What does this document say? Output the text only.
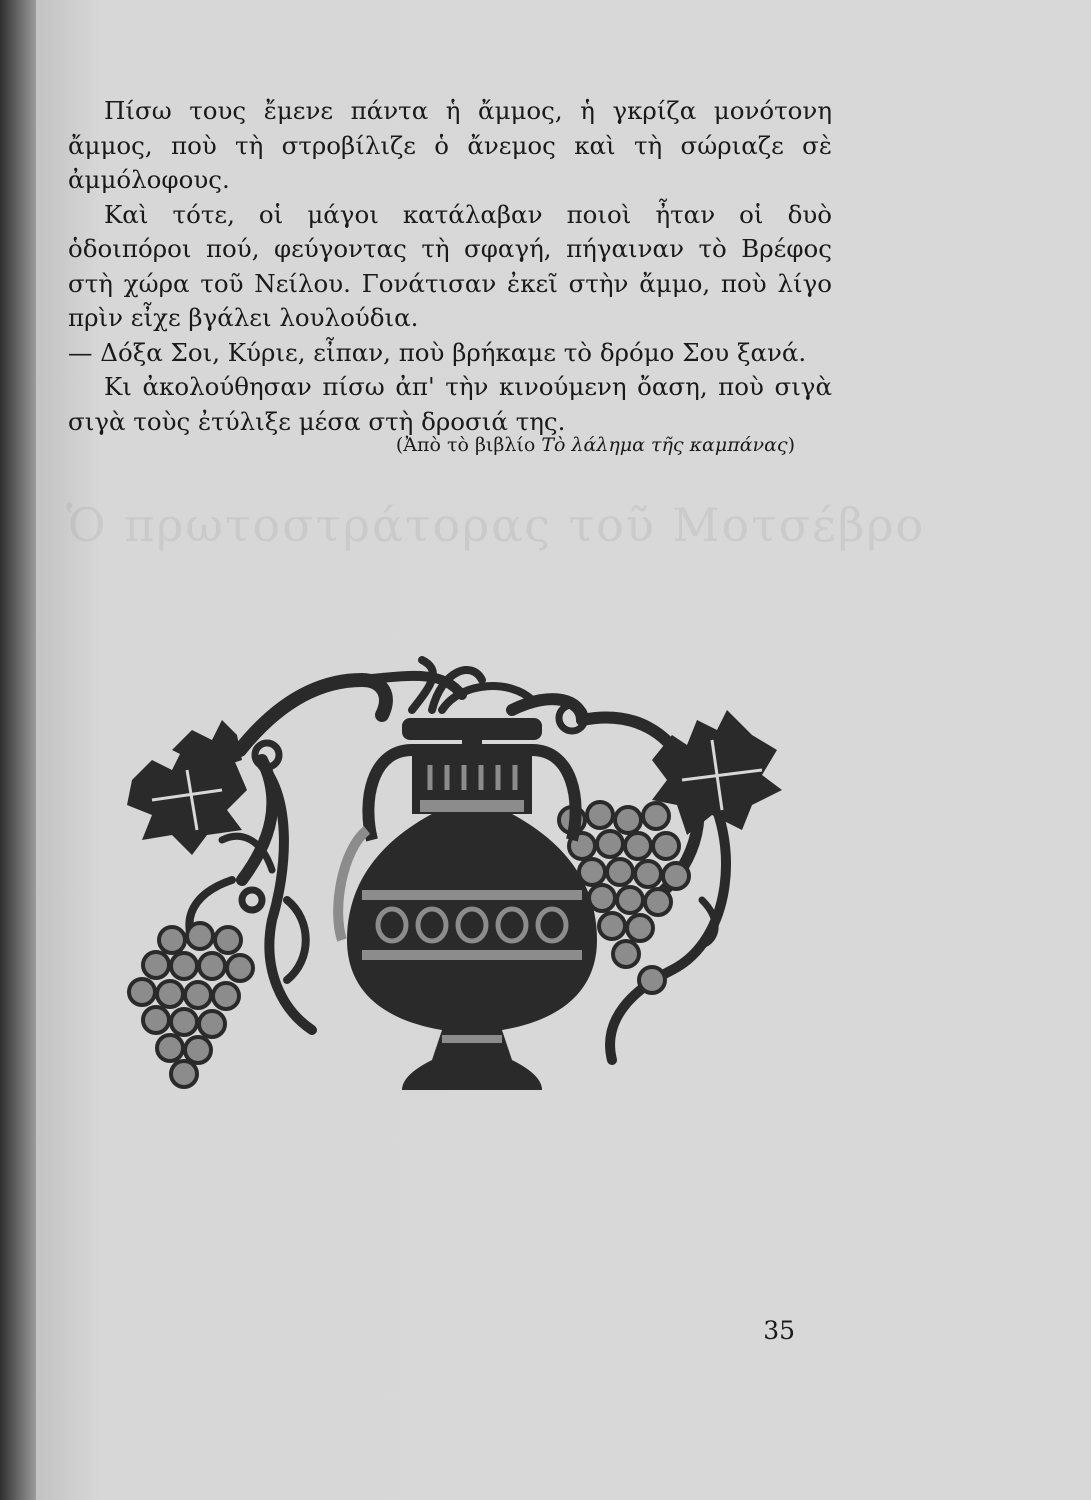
Ὁ πρωτοστράτορας τοῦ Μοτσέβρο

Πίσω τους ἔμενε πάντα ἡ ἄμμος, ἡ γκρίζα μονότονη ἄμμος, ποὺ τὴ στροβίλιζε ὁ ἄνεμος καὶ τὴ σώριαζε σὲ ἀμμόλοφους.

Καὶ τότε, οἱ μάγοι κατάλαβαν ποιοὶ ἦταν οἱ δυὸ ὁδοιπόροι πού, φεύγοντας τὴ σφαγή, πήγαιναν τὸ Βρέφος στὴ χώρα τοῦ Νείλου. Γονάτισαν ἐκεῖ στὴν ἄμμο, ποὺ λίγο πρὶν εἶχε βγάλει λουλούδια.

— Δόξα Σοι, Κύριε, εἶπαν, ποὺ βρήκαμε τὸ δρόμο Σου ξανά.

Κι ἀκολούθησαν πίσω ἀπ' τὴν κινούμενη ὄαση, ποὺ σιγὰ σιγὰ τοὺς ἐτύλιξε μέσα στὴ δροσιά της.

(Ἀπὸ τὸ βιβλίο Τὸ λάλημα τῆς καμπάνας)
35
